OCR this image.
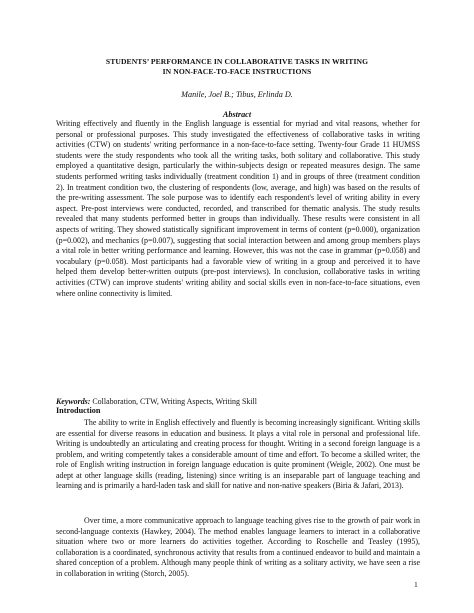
STUDENTS’ PERFORMANCE IN COLLABORATIVE TASKS IN WRITING
IN NON-FACE-TO-FACE INSTRUCTIONS
Manile, Joel B.; Tibus, Erlinda D.
Abstract

Writing effectively and fluently in the English language is essential for myriad and vital reasons, whether for personal or professional purposes. This study investigated the effectiveness of collaborative tasks in writing activities (CTW) on students' writing performance in a non-face-to-face setting. Twenty-four Grade 11 HUMSS students were the study respondents who took all the writing tasks, both solitary and collaborative. This study employed a quantitative design, particularly the within-subjects design or repeated measures design. The same students performed writing tasks individually (treatment condition 1) and in groups of three (treatment condition 2). In treatment condition two, the clustering of respondents (low, average, and high) was based on the results of the pre-writing assessment. The sole purpose was to identify each respondent's level of writing ability in every aspect. Pre-post interviews were conducted, recorded, and transcribed for thematic analysis. The study results revealed that many students performed better in groups than individually. These results were consistent in all aspects of writing. They showed statistically significant improvement in terms of content (p=0.000), organization (p=0.002), and mechanics (p=0.007), suggesting that social interaction between and among group members plays a vital role in better writing performance and learning. However, this was not the case in grammar (p=0.058) and vocabulary (p=0.058). Most participants had a favorable view of writing in a group and perceived it to have helped them develop better-written outputs (pre-post interviews). In conclusion, collaborative tasks in writing activities (CTW) can improve students' writing ability and social skills even in non-face-to-face situations, even where online connectivity is limited.

Keywords: Collaboration, CTW, Writing Aspects, Writing Skill

Introduction

The ability to write in English effectively and fluently is becoming increasingly significant. Writing skills are essential for diverse reasons in education and business. It plays a vital role in personal and professional life. Writing is undoubtedly an articulating and creating process for thought. Writing in a second foreign language is a problem, and writing competently takes a considerable amount of time and effort. To become a skilled writer, the role of English writing instruction in foreign language education is quite prominent (Weigle, 2002). One must be adept at other language skills (reading, listening) since writing is an inseparable part of language teaching and learning and is primarily a hard-laden task and skill for native and non-native speakers (Biria & Jafari, 2013).

Over time, a more communicative approach to language teaching gives rise to the growth of pair work in second-language contexts (Hawkey, 2004). The method enables language learners to interact in a collaborative situation where two or more learners do activities together. According to Roschelle and Teasley (1995), collaboration is a coordinated, synchronous activity that results from a continued endeavor to build and maintain a shared conception of a problem. Although many people think of writing as a solitary activity, we have seen a rise in collaboration in writing (Storch, 2005).

1
